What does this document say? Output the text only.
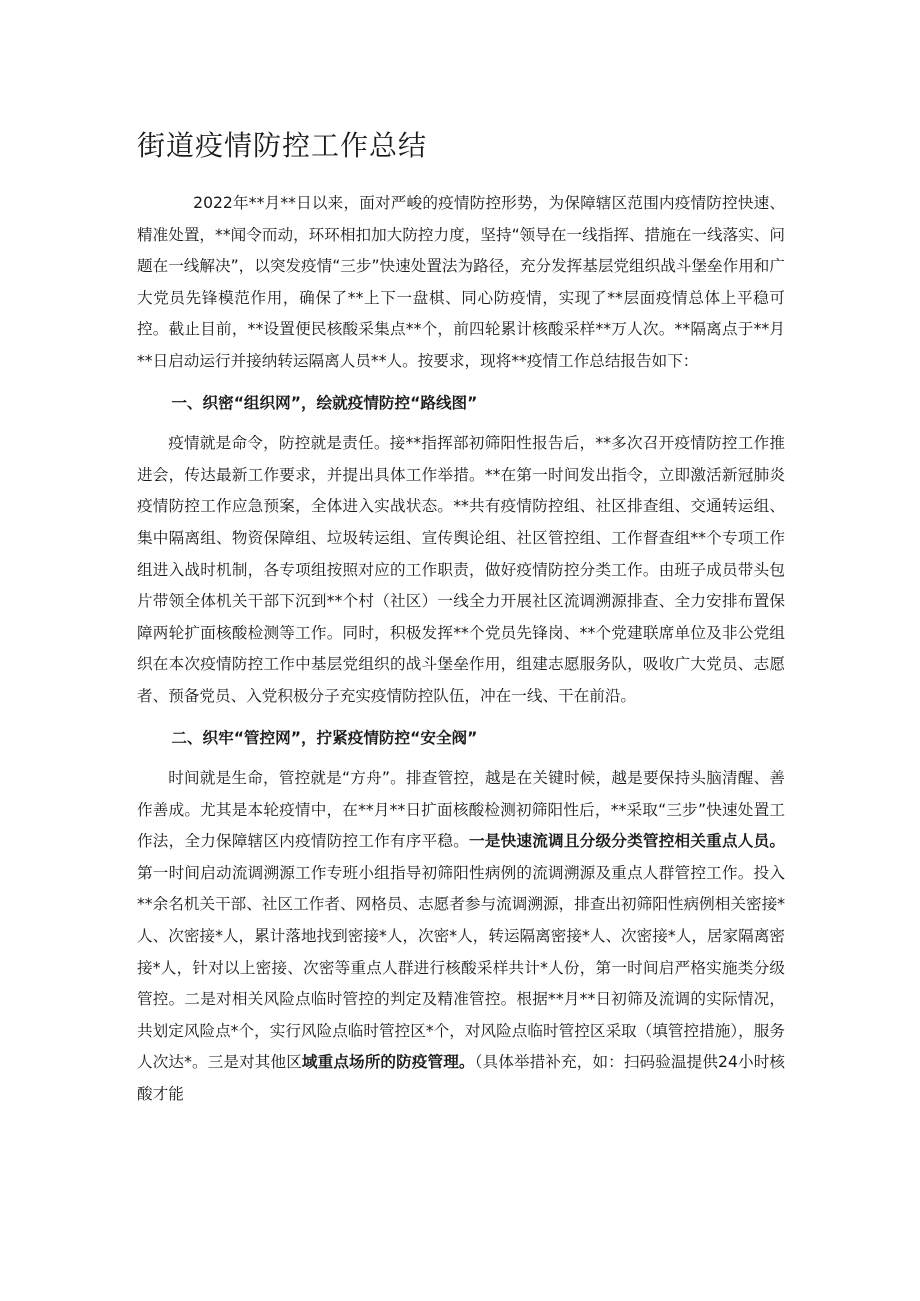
街道疫情防控工作总结

2022年**月**日以来，面对严峻的疫情防控形势，为保障辖区范围内疫情防控快速、精准处置，**闻令而动，环环相扣加大防控力度，坚持“领导在一线指挥、措施在一线落实、问题在一线解决”，以突发疫情“三步”快速处置法为路径，充分发挥基层党组织战斗堡垒作用和广大党员先锋模范作用，确保了**上下一盘棋、同心防疫情，实现了**层面疫情总体上平稳可控。截止目前，**设置便民核酸采集点**个，前四轮累计核酸采样**万人次。**隔离点于**月**日启动运行并接纳转运隔离人员**人。按要求，现将**疫情工作总结报告如下：

一、织密“组织网”，绘就疫情防控“路线图”

疫情就是命令，防控就是责任。接**指挥部初筛阳性报告后，**多次召开疫情防控工作推进会，传达最新工作要求，并提出具体工作举措。**在第一时间发出指令，立即激活新冠肺炎疫情防控工作应急预案，全体进入实战状态。**共有疫情防控组、社区排查组、交通转运组、集中隔离组、物资保障组、垃圾转运组、宣传舆论组、社区管控组、工作督查组**个专项工作组进入战时机制，各专项组按照对应的工作职责，做好疫情防控分类工作。由班子成员带头包片带领全体机关干部下沉到**个村（社区）一线全力开展社区流调溯源排查、全力安排布置保障两轮扩面核酸检测等工作。同时，积极发挥**个党员先锋岗、**个党建联席单位及非公党组织在本次疫情防控工作中基层党组织的战斗堡垒作用，组建志愿服务队，吸收广大党员、志愿者、预备党员、入党积极分子充实疫情防控队伍，冲在一线、干在前沿。

二、织牢“管控网”，拧紧疫情防控“安全阀”

时间就是生命，管控就是“方舟”。排查管控，越是在关键时候，越是要保持头脑清醒、善作善成。尤其是本轮疫情中，在**月**日扩面核酸检测初筛阳性后，**采取“三步”快速处置工作法，全力保障辖区内疫情防控工作有序平稳。一是快速流调且分级分类管控相关重点人员。第一时间启动流调溯源工作专班小组指导初筛阳性病例的流调溯源及重点人群管控工作。投入**余名机关干部、社区工作者、网格员、志愿者参与流调溯源，排查出初筛阳性病例相关密接*人、次密接*人，累计落地找到密接*人，次密*人，转运隔离密接*人、次密接*人，居家隔离密接*人，针对以上密接、次密等重点人群进行核酸采样共计*人份，第一时间启严格实施类分级管控。二是对相关风险点临时管控的判定及精准管控。根据**月**日初筛及流调的实际情况，共划定风险点*个，实行风险点临时管控区*个，对风险点临时管控区采取（填管控措施），服务人次达*。三是对其他区域重点场所的防疫管理。（具体举措补充，如：扫码验温提供24小时核酸才能
